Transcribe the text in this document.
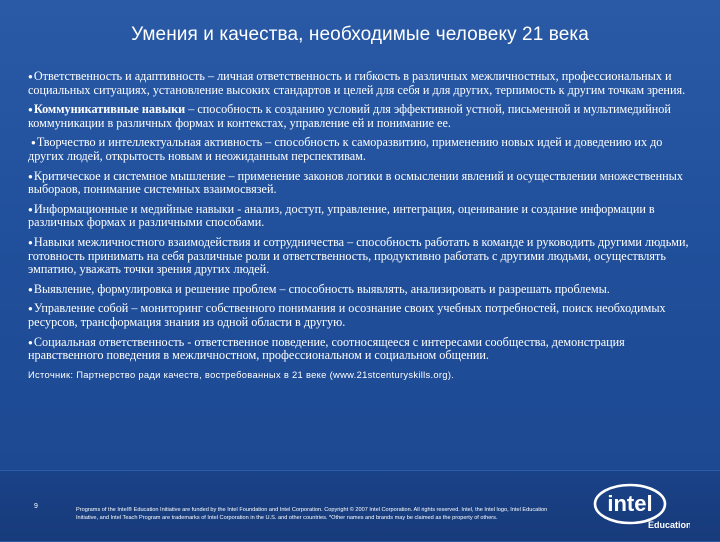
Умения и качества, необходимые человеку 21 века
●Ответственность и адаптивность – личная ответственность и гибкость в различных межличностных, профессиональных и социальных ситуациях, установление высоких стандартов и целей для себя и для других, терпимость к другим точкам зрения.
●Коммуникативные навыки – способность к созданию условий для эффективной устной, письменной и мультимедийной коммуникации в различных формах и контекстах, управление ей и понимание ее.
●Творчество и интеллектуальная активность – способность к саморазвитию, применению новых идей и доведению их до других людей, открытость новым и неожиданным перспективам.
●Критическое и системное мышление – применение законов логики в осмыслении явлений и осуществлении множественных выбораов, понимание системных взаимосвязей.
●Информационные и медийные навыки - анализ, доступ, управление, интеграция, оценивание и создание информации в различных формах и различными способами.
●Навыки межличностного взаимодействия и сотрудничества – способность работать в команде и руководить другими людьми, готовность принимать на себя различные роли и ответственность, продуктивно работать с другими людьми, осуществлять эмпатию, уважать точки зрения других людей.
●Выявление, формулировка и решение проблем – способность выявлять, анализировать и разрешать проблемы.
●Управление собой – мониторинг собственного понимания и осознание своих учебных потребностей, поиск необходимых ресурсов, трансформация знания из одной области в другую.
●Социальная ответственность - ответственное поведение, соотносящееся с интересами сообщества, демонстрация нравственного поведения в межличностном, профессиональном и социальном общении.
Источник: Партнерство ради качеств, востребованных в 21 веке (www.21stcenturyskills.org).
9	Programs of the Intel® Education Initiative are funded by the Intel Foundation and Intel Corporation. Copyright © 2007 Intel Corporation. All rights reserved. Intel, the Intel logo, Intel Education Initiative, and Intel Teach Program are trademarks of Intel Corporation in the U.S. and other countries. *Other names and brands may be claimed as the property of others.
intel
Education
